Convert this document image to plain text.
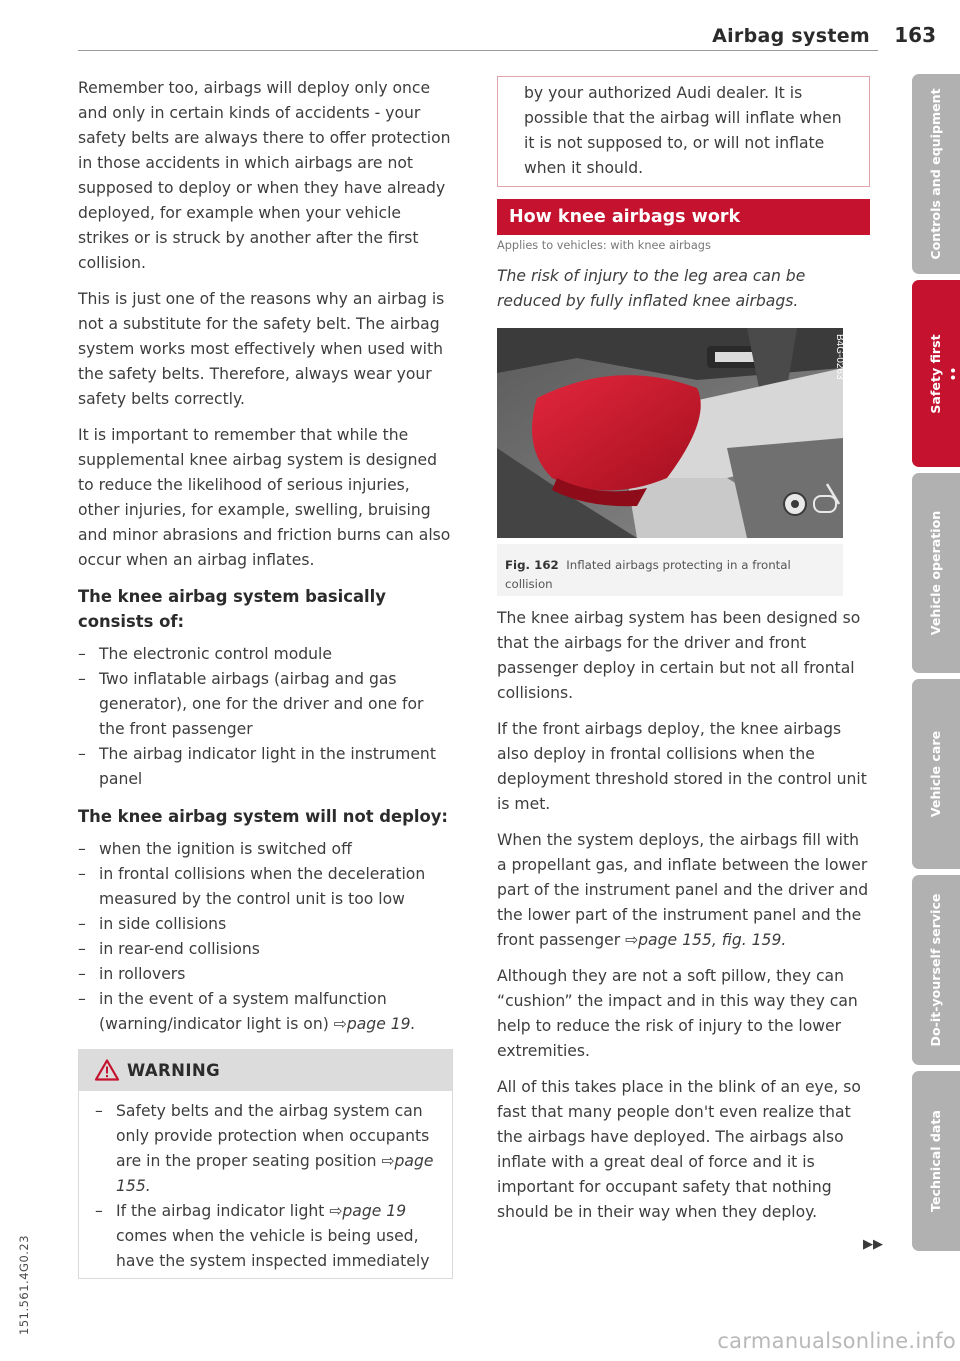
Airbag system 163
151.561.4G0.23

Remember too, airbags will deploy only once and only in certain kinds of accidents - your safety belts are always there to offer protection in those accidents in which airbags are not supposed to deploy or when they have already deployed, for example when your vehicle strikes or is struck by another after the first collision.

This is just one of the reasons why an airbag is not a substitute for the safety belt. The airbag system works most effectively when used with the safety belts. Therefore, always wear your safety belts correctly.

It is important to remember that while the supplemental knee airbag system is designed to reduce the likelihood of serious injuries, other injuries, for example, swelling, bruising and minor abrasions and friction burns can also occur when an airbag inflates.

The knee airbag system basically consists of:
– The electronic control module
– Two inflatable airbags (airbag and gas generator), one for the driver and one for the front passenger
– The airbag indicator light in the instrument panel
The knee airbag system will not deploy:
– when the ignition is switched off
– in frontal collisions when the deceleration measured by the control unit is too low
– in side collisions
– in rear-end collisions
– in rollovers
– in the event of a system malfunction (warning/indicator light is on) ⇨page 19.
WARNING
– Safety belts and the airbag system can only provide protection when occupants are in the proper seating position ⇨page 155.
– If the airbag indicator light ⇨page 19 comes when the vehicle is being used, have the system inspected immediately
by your authorized Audi dealer. It is possible that the airbag will inflate when it is not supposed to, or will not inflate when it should.
How knee airbags work
Applies to vehicles: with knee airbags

The risk of injury to the leg area can be reduced by fully inflated knee airbags.

B4G-0263
Fig. 162 Inflated airbags protecting in a frontal collision

The knee airbag system has been designed so that the airbags for the driver and front passenger deploy in certain but not all frontal collisions.

If the front airbags deploy, the knee airbags also deploy in frontal collisions when the deployment threshold stored in the control unit is met.

When the system deploys, the airbags fill with a propellant gas, and inflate between the lower part of the instrument panel and the driver and the lower part of the instrument panel and the front passenger ⇨page 155, fig. 159.

Although they are not a soft pillow, they can “cushion” the impact and in this way they can help to reduce the risk of injury to the lower extremities.

All of this takes place in the blink of an eye, so fast that many people don't even realize that the airbags have deployed. The airbags also inflate with a great deal of force and it is important for occupant safety that nothing should be in their way when they deploy.

▶▶
Controls and equipment
Safety first
Vehicle operation
Vehicle care
Do-it-yourself service
Technical data
carmanualsonline.info
